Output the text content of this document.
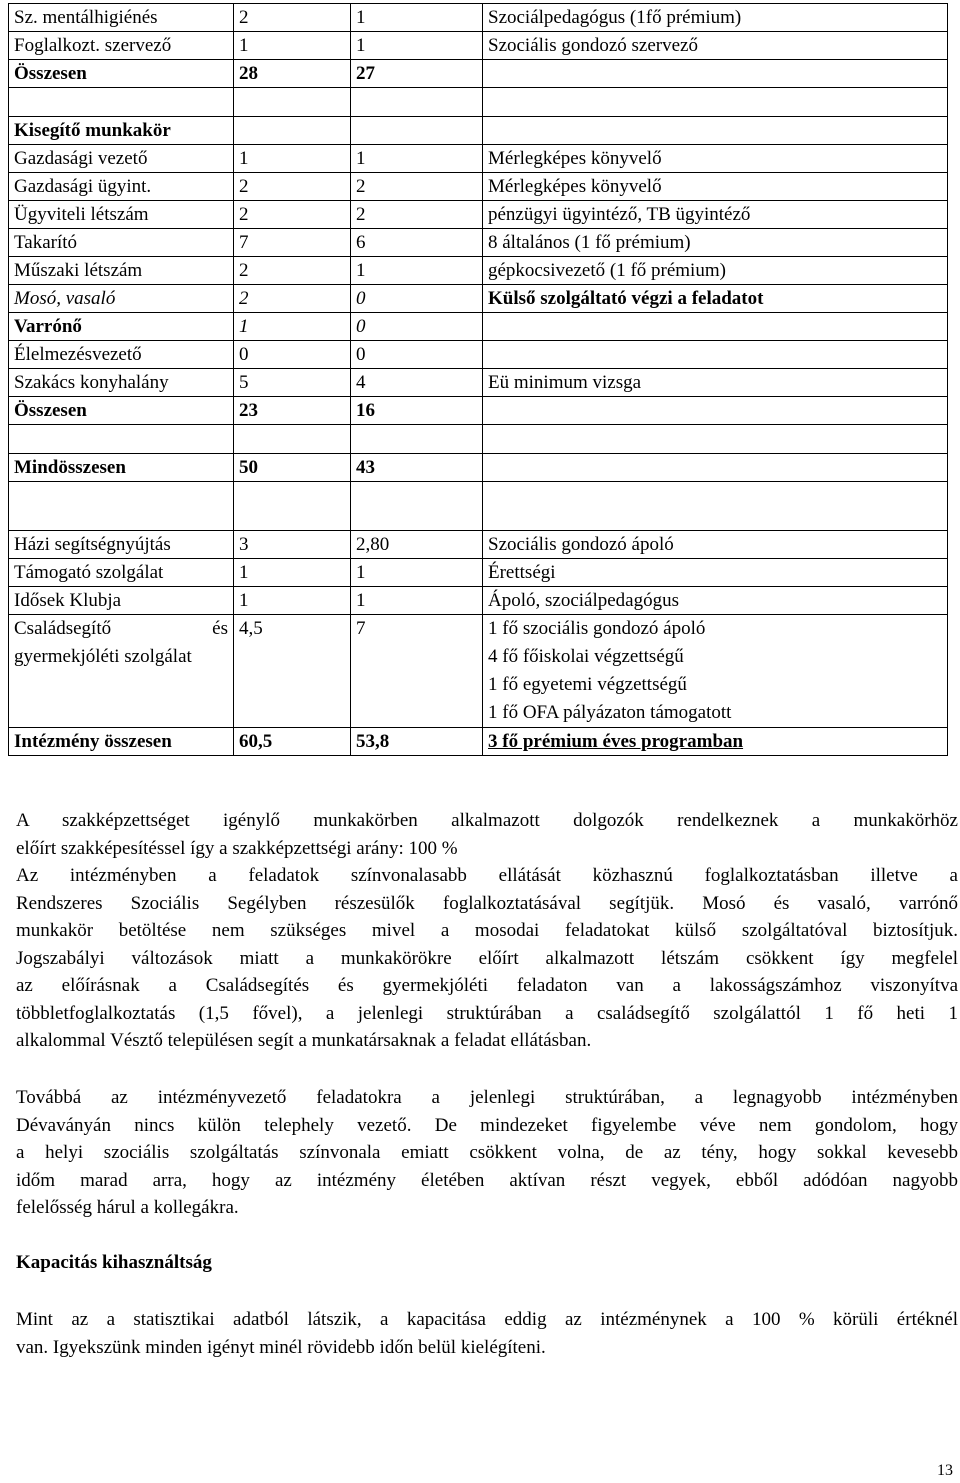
Sz. mentálhigiénés	2	1	Szociálpedagógus (1fő prémium)
Foglalkozt. szervező	1	1	Szociális gondozó szervező
Összesen	28	27	

Kisegítő munkakör			
Gazdasági vezető	1	1	Mérlegképes könyvelő
Gazdasági ügyint.	2	2	Mérlegképes könyvelő
Ügyviteli létszám	2	2	pénzügyi ügyintéző, TB ügyintéző
Takarító	7	6	8 általános (1 fő prémium)
Műszaki létszám	2	1	gépkocsivezető (1 fő prémium)
Mosó, vasaló	2	0	Külső szolgáltató végzi a feladatot
Varrónő	1	0	
Élelmezésvezető	0	0	
Szakács konyhalány	5	4	Eü minimum vizsga
Összesen	23	16	

Mindösszesen	50	43	

Házi segítségnyújtás	3	2,80	Szociális gondozó ápoló
Támogató szolgálat	1	1	Érettségi
Idősek Klubja	1	1	Ápoló, szociálpedagógus

Családsegítő és gyermekjóléti szolgálat	4,5	7	1 fő szociális gondozó ápoló
4 fő főiskolai végzettségű
1 fő egyetemi végzettségű
1 fő OFA pályázaton támogatott

Intézmény összesen	60,5	53,8	3 fő prémium éves programban

A szakképzettséget igénylő munkakörben alkalmazott dolgozók rendelkeznek a munkakörhöz
előírt szakképesítéssel így a szakképzettségi arány: 100 %
Az intézményben a feladatok színvonalasabb ellátását közhasznú foglalkoztatásban illetve a
Rendszeres Szociális Segélyben részesülők foglalkoztatásával segítjük. Mosó és vasaló, varrónő
munkakör betöltése nem szükséges mivel a mosodai feladatokat külső szolgáltatóval biztosítjuk.
Jogszabályi változások miatt a munkakörökre előírt alkalmazott létszám csökkent így megfelel
az előírásnak a Családsegítés és gyermekjóléti feladaton van a lakosságszámhoz viszonyítva
többletfoglalkoztatás (1,5 fővel), a jelenlegi struktúrában a családsegítő szolgálattól 1 fő heti 1
alkalommal Vésztő településen segít a munkatársaknak a feladat ellátásban.

Továbbá az intézményvezető feladatokra a jelenlegi struktúrában, a legnagyobb intézményben
Dévaványán nincs külön telephely vezető. De mindezeket figyelembe véve nem gondolom, hogy
a helyi szociális szolgáltatás színvonala emiatt csökkent volna, de az tény, hogy sokkal kevesebb
időm marad arra, hogy az intézmény életében aktívan részt vegyek, ebből adódóan nagyobb
felelősség hárul a kollegákra.

Kapacitás kihasználtság

Mint az a statisztikai adatból látszik, a kapacitása eddig az intézménynek a 100 % körüli értéknél
van. Igyekszünk minden igényt minél rövidebb időn belül kielégíteni.

13
